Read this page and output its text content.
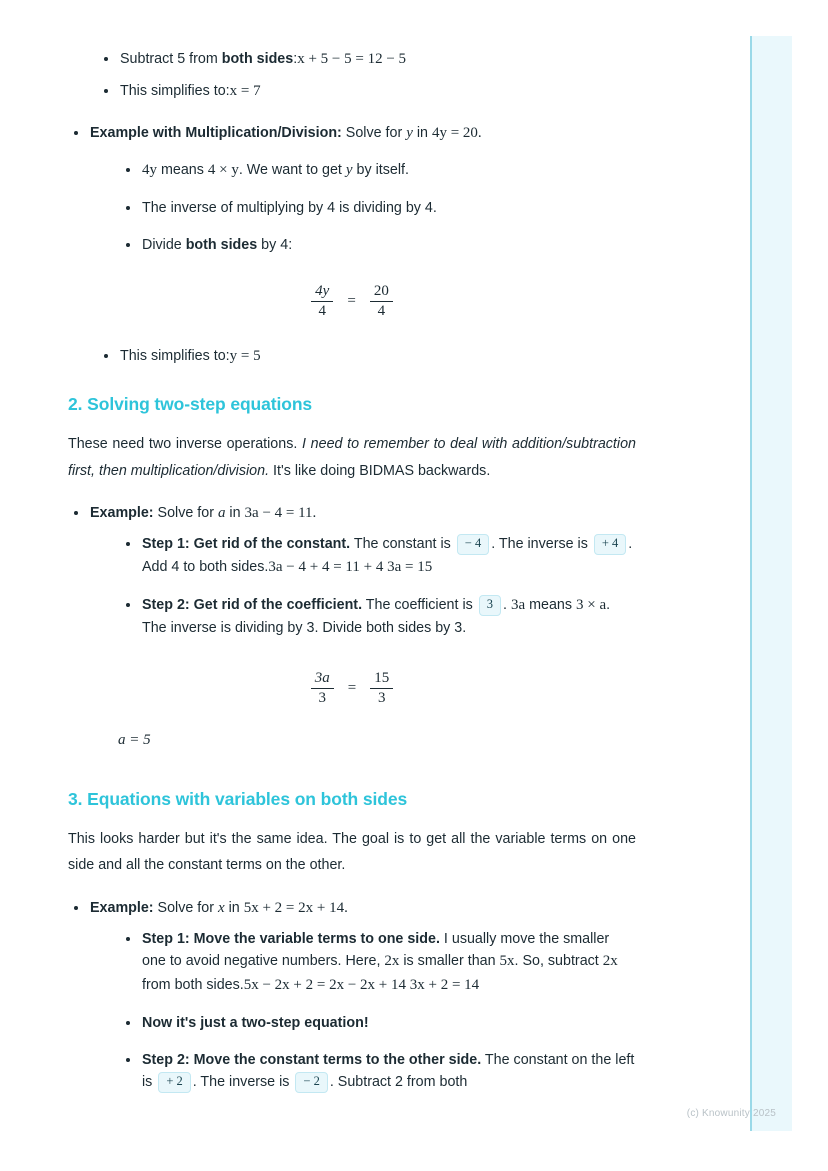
Subtract 5 from both sides:x + 5 − 5 = 12 − 5
This simplifies to:x = 7
Example with Multiplication/Division: Solve for y in 4y = 20.
4y means 4 × y. We want to get y by itself.
The inverse of multiplying by 4 is dividing by 4.
Divide both sides by 4:
$\frac{4y}{4} = \frac{20}{4}$
This simplifies to:y = 5
2. Solving two-step equations

These need two inverse operations. I need to remember to deal with addition/subtraction first, then multiplication/division. It's like doing BIDMAS backwards.

Example: Solve for a in 3a − 4 = 11.
Step 1: Get rid of the constant. The constant is − 4 . The inverse is + 4 . Add 4 to both sides.3a − 4 + 4 = 11 + 4 3a = 15
Step 2: Get rid of the coefficient. The coefficient is 3 . 3a means 3 × a. The inverse is dividing by 3. Divide both sides by 3.
$\frac{3a}{3} = \frac{15}{3}$
a = 5
3. Equations with variables on both sides

This looks harder but it's the same idea. The goal is to get all the variable terms on one side and all the constant terms on the other.

Example: Solve for x in 5x + 2 = 2x + 14.
Step 1: Move the variable terms to one side. I usually move the smaller one to avoid negative numbers. Here, 2x is smaller than 5x. So, subtract 2x from both sides.5x − 2x + 2 = 2x − 2x + 14 3x + 2 = 14
Now it's just a two-step equation!
Step 2: Move the constant terms to the other side. The constant on the left is + 2 . The inverse is − 2 . Subtract 2 from both
(c) Knowunity 2025
